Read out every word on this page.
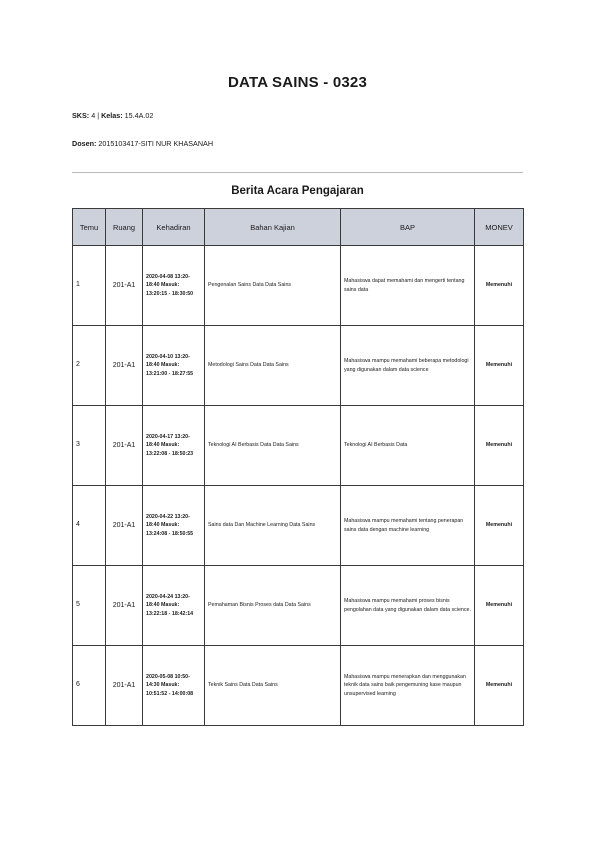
DATA SAINS - 0323
SKS: 4 | Kelas: 15.4A.02
Dosen: 2015103417-SITI NUR KHASANAH
Berita Acara Pengajaran
Temu	Ruang	Kehadiran	Bahan Kajian	BAP	MONEV
1	201-A1	2020-04-08 13:20-18:40 Masuk: 13:20:15 - 18:30:50	Pengenalan Sains Data Data Sains	Mahasiswa dapat memahami dan mengerti tentang sains data	Memenuhi
2	201-A1	2020-04-10 13:20-18:40 Masuk: 13:21:00 - 18:27:55	Metodologi Sains Data Data Sains	Mahasiswa mampu memahami beberapa metodologi yang digunakan dalam data science	Memenuhi
3	201-A1	2020-04-17 13:20-18:40 Masuk: 13:22:08 - 18:50:23	Teknologi AI Berbasis Data Data Sains	Teknologi AI Berbasis Data	Memenuhi
4	201-A1	2020-04-22 13:20-18:40 Masuk: 13:24:08 - 18:50:55	Sains data Dan Machine Learning Data Sains	Mahasiswa mampu memahami tentang penerapan sains data dengan machine learning	Memenuhi
5	201-A1	2020-04-24 13:20-18:40 Masuk: 13:22:18 - 18:42:14	Pemahaman Bisnis Proses data Data Sains	Mahasiswa mampu memahami proses bisnis pengolahan data yang digunakan dalam data science.	Memenuhi
6	201-A1	2020-05-08 10:50-14:30 Masuk: 10:51:52 - 14:00:08	Teknik Sains Data Data Sains	Mahasiswa mampu menerapkan dan menggunakan teknik data sains baik pengemuning kase maupun unsupervised learning	Memenuhi
